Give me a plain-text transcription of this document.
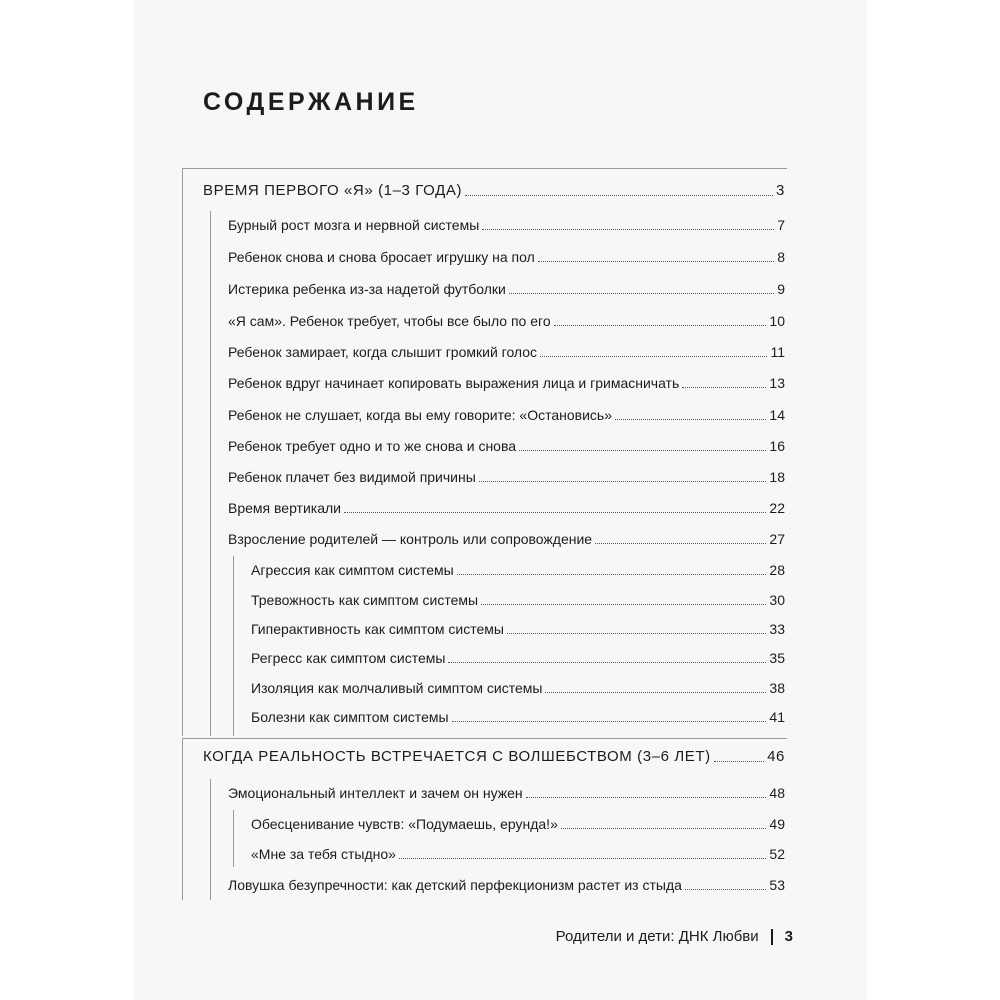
СОДЕРЖАНИЕ
ВРЕМЯ ПЕРВОГО «Я» (1–3 ГОДА)	3
Бурный рост мозга и нервной системы	7
Ребенок снова и снова бросает игрушку на пол	8
Истерика ребенка из-за надетой футболки	9
«Я сам». Ребенок требует, чтобы все было по его	10
Ребенок замирает, когда слышит громкий голос	11
Ребенок вдруг начинает копировать выражения лица и гримасничать	13
Ребенок не слушает, когда вы ему говорите: «Остановись»	14
Ребенок требует одно и то же снова и снова	16
Ребенок плачет без видимой причины	18
Время вертикали	22
Взросление родителей — контроль или сопровождение	27
Агрессия как симптом системы	28
Тревожность как симптом системы	30
Гиперактивность как симптом системы	33
Регресс как симптом системы	35
Изоляция как молчаливый симптом системы	38
Болезни как симптом системы	41
КОГДА РЕАЛЬНОСТЬ ВСТРЕЧАЕТСЯ С ВОЛШЕБСТВОМ (3–6 ЛЕТ)	46
Эмоциональный интеллект и зачем он нужен	48
Обесценивание чувств: «Подумаешь, ерунда!»	49
«Мне за тебя стыдно»	52
Ловушка безупречности: как детский перфекционизм растет из стыда	53
Родители и дети: ДНК Любви 3
